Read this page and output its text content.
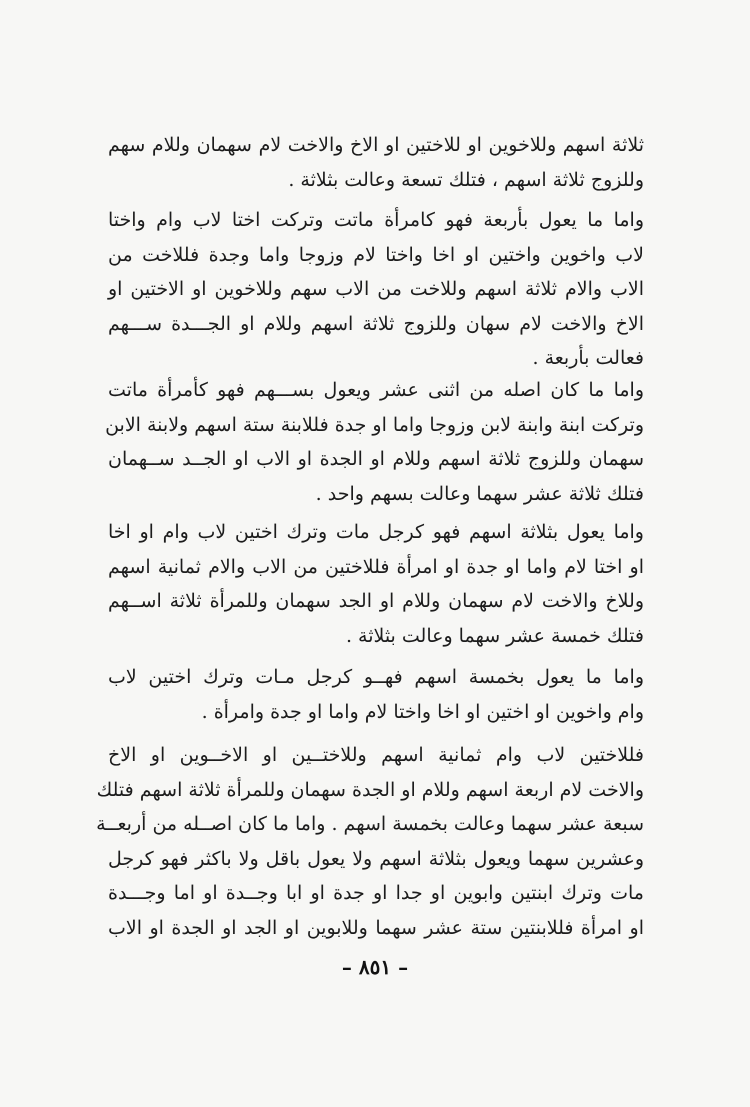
ثلاثة اسهم وللاخوين او للاختين او الاخ والاخت لام سهمان وللام سهم
وللزوج ثلاثة اسهم ، فتلك تسعة وعالت بثلاثة .
واما ما يعول بأربعة فهو كامرأة ماتت وتركت اختا لاب وام واختا
لاب واخوين واختين او اخا واختا لام وزوجا واما وجدة فللاخت من
الاب والام ثلاثة اسهم وللاخت من الاب سهم وللاخوين او الاختين او
الاخ والاخت لام سهان وللزوج ثلاثة اسهم وللام او الجـــدة ســـهم
فعالت بأربعة .
واما ما كان اصله من اثنى عشر ويعول بســـهم فهو كأمرأة ماتت
وتركت ابنة وابنة لابن وزوجا واما او جدة فللابنة ستة اسهم ولابنة الابن
سهمان وللزوج ثلاثة اسهم وللام او الجدة او الاب او الجــد ســهمان
فتلك ثلاثة عشر سهما وعالت بسهم واحد .
واما يعول بثلاثة اسهم فهو كرجل مات وترك اختين لاب وام او اخا
او اختا لام واما او جدة او امرأة فللاختين من الاب والام ثمانية اسهم
وللاخ والاخت لام سهمان وللام او الجد سهمان وللمرأة ثلاثة اســهم
فتلك خمسة عشر سهما وعالت بثلاثة .
واما ما يعول بخمسة اسهم فهــو كرجل مـات وترك اختين لاب
وام واخوين او اختين او اخا واختا لام واما او جدة وامرأة .
فللاختين لاب وام ثمانية اسهم وللاختــين او الاخــوين او الاخ
والاخت لام اربعة اسهم وللام او الجدة سهمان وللمرأة ثلاثة اسهم فتلك
سبعة عشر سهما وعالت بخمسة اسهم . واما ما كان اصــله من أربعــة
وعشرين سهما ويعول بثلاثة اسهم ولا يعول باقل ولا باكثر فهو كرجل
مات وترك ابنتين وابوين او جدا او جدة او ابا وجــدة او اما وجـــدة
او امرأة فللابنتين ستة عشر سهما وللابوين او الجد او الجدة او الاب
– ٨٥١ –
